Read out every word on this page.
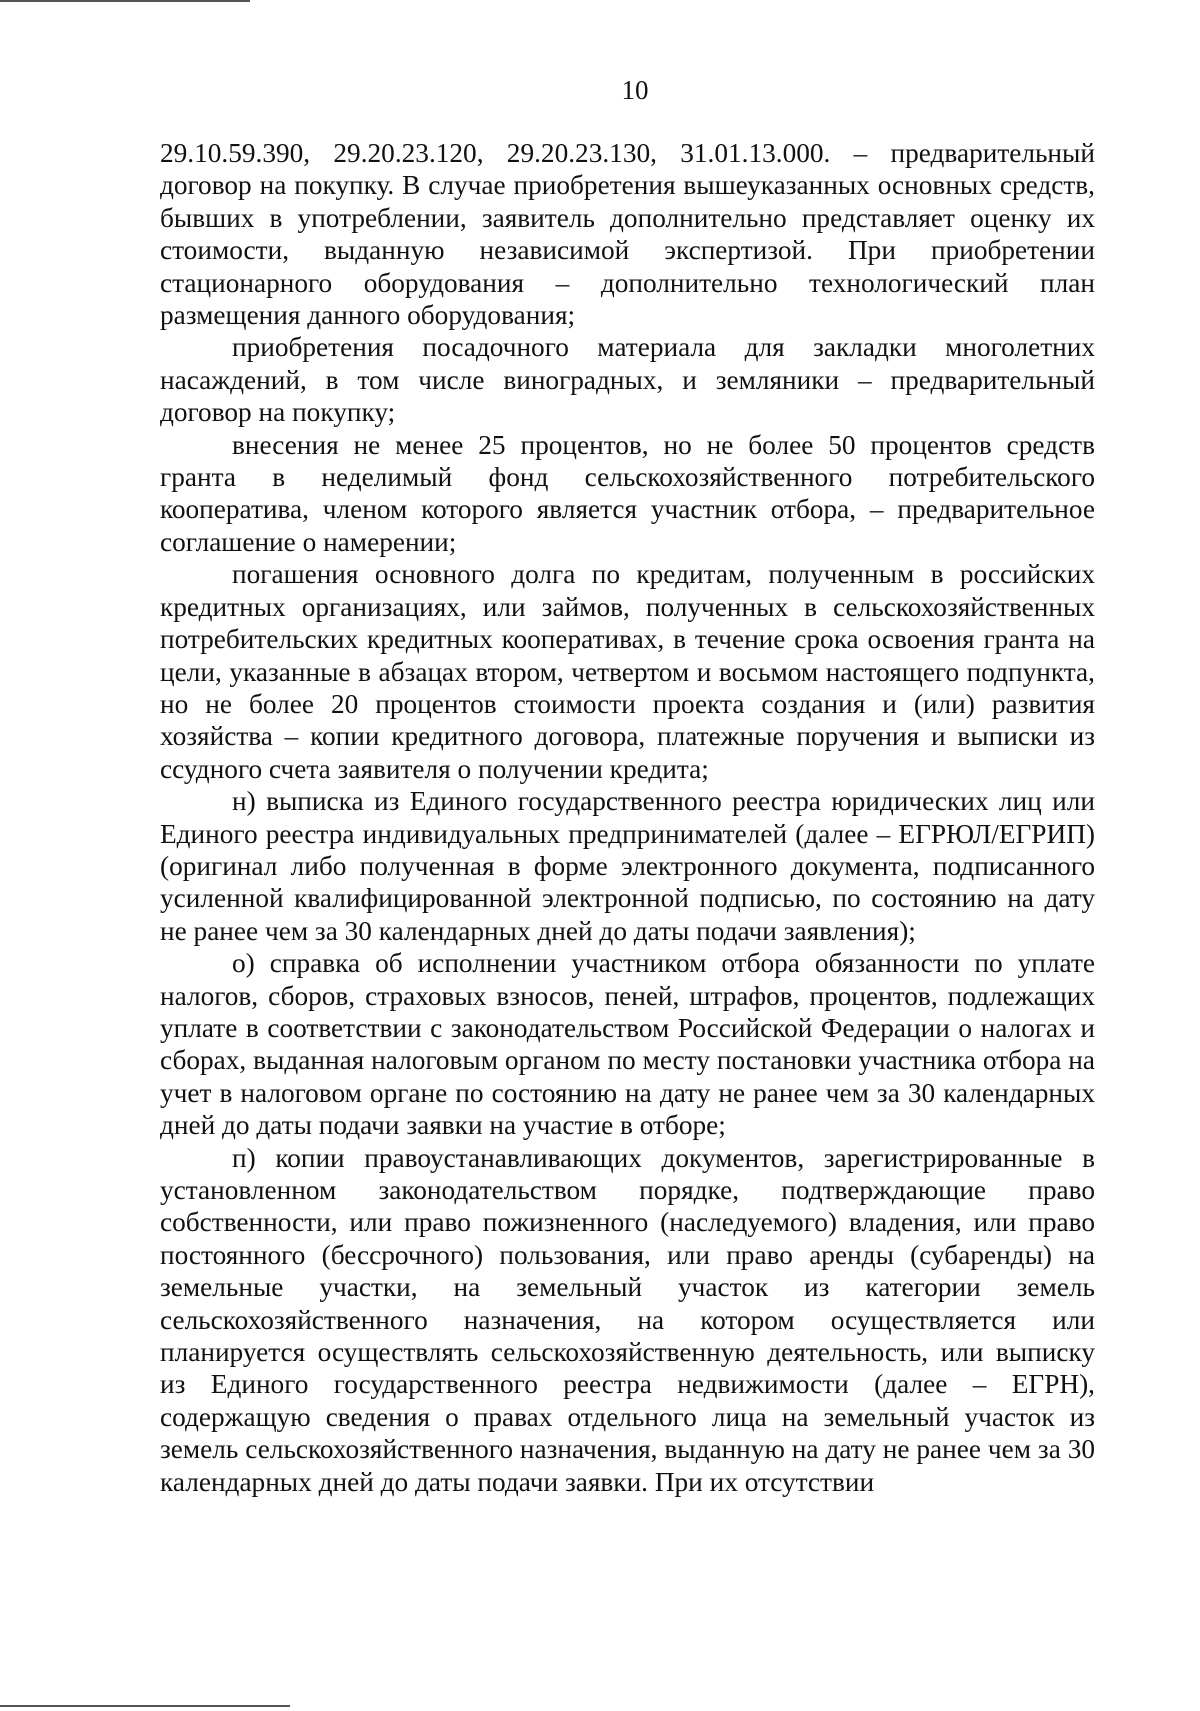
10

29.10.59.390, 29.20.23.120, 29.20.23.130, 31.01.13.000. – предварительный договор на покупку. В случае приобретения вышеуказанных основных средств, бывших в употреблении, заявитель дополнительно представляет оценку их стоимости, выданную независимой экспертизой. При приобретении стационарного оборудования – дополнительно технологический план размещения данного оборудования;

приобретения посадочного материала для закладки многолетних насаждений, в том числе виноградных, и земляники – предварительный договор на покупку;

внесения не менее 25 процентов, но не более 50 процентов средств гранта в неделимый фонд сельскохозяйственного потребительского кооператива, членом которого является участник отбора, – предварительное соглашение о намерении;

погашения основного долга по кредитам, полученным в российских кредитных организациях, или займов, полученных в сельскохозяйственных потребительских кредитных кооперативах, в течение срока освоения гранта на цели, указанные в абзацах втором, четвертом и восьмом настоящего подпункта, но не более 20 процентов стоимости проекта создания и (или) развития хозяйства – копии кредитного договора, платежные поручения и выписки из ссудного счета заявителя о получении кредита;

н) выписка из Единого государственного реестра юридических лиц или Единого реестра индивидуальных предпринимателей (далее – ЕГРЮЛ/ЕГРИП) (оригинал либо полученная в форме электронного документа, подписанного усиленной квалифицированной электронной подписью, по состоянию на дату не ранее чем за 30 календарных дней до даты подачи заявления);

о) справка об исполнении участником отбора обязанности по уплате налогов, сборов, страховых взносов, пеней, штрафов, процентов, подлежащих уплате в соответствии с законодательством Российской Федерации о налогах и сборах, выданная налоговым органом по месту постановки участника отбора на учет в налоговом органе по состоянию на дату не ранее чем за 30 календарных дней до даты подачи заявки на участие в отборе;

п) копии правоустанавливающих документов, зарегистрированные в установленном законодательством порядке, подтверждающие право собственности, или право пожизненного (наследуемого) владения, или право постоянного (бессрочного) пользования, или право аренды (субаренды) на земельные участки, на земельный участок из категории земель сельскохозяйственного назначения, на котором осуществляется или планируется осуществлять сельскохозяйственную деятельность, или выписку из Единого государственного реестра недвижимости (далее – ЕГРН), содержащую сведения о правах отдельного лица на земельный участок из земель сельскохозяйственного назначения, выданную на дату не ранее чем за 30 календарных дней до даты подачи заявки. При их отсутствии
